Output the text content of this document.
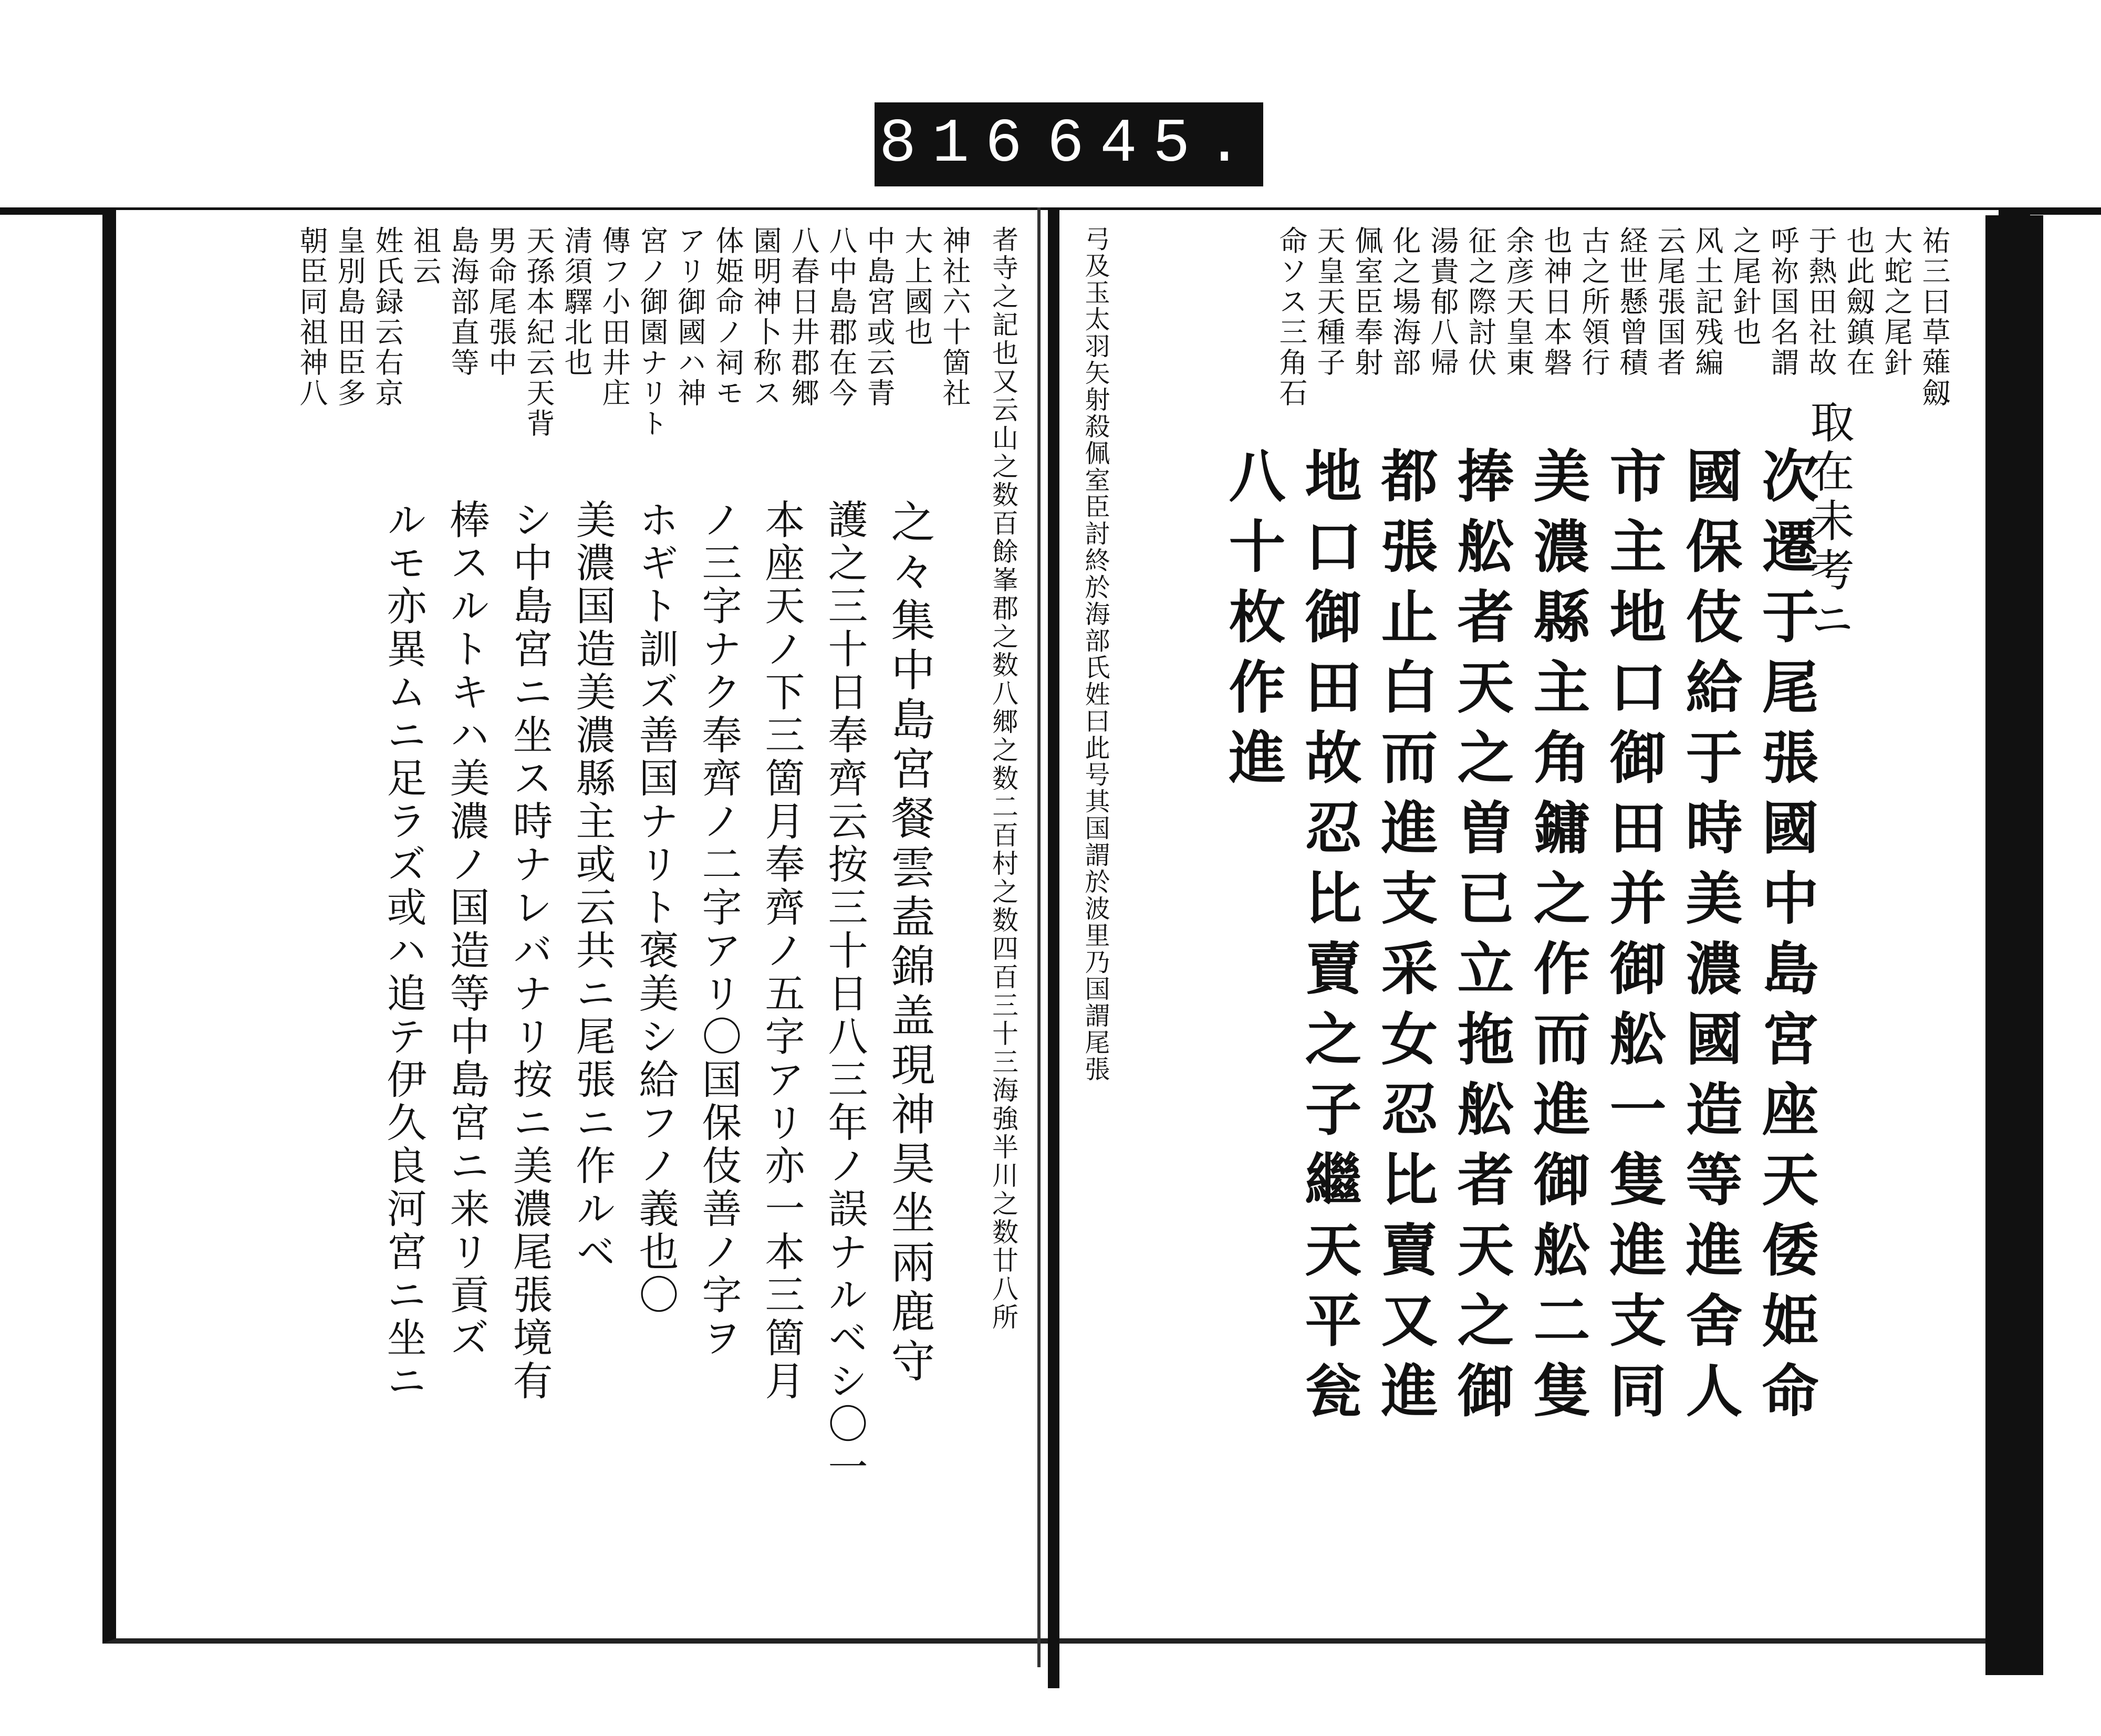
816 645.
祐三曰草薙劔
大蛇之尾針
也此劔鎮在
于熱田社故
呼祢国名謂
之尾針也
风土記残編
云尾張国者
経世懸曾積
古之所領行
也神日本磐
余彦天皇東
征之際討伏
湯貴郁八帰
化之場海部
佩室臣奉射
天皇天種子
命ソス三角石
弓及玉太羽矢射殺佩室臣討終於海部氏姓曰此号其国謂於波里乃国謂尾張	取在未考ニ
次遷于尾張國中島宮座天倭姫命
國保伎給于時美濃國造等進舍人
市主地口御田并御舩一隻進支同
美濃縣主角鏞之作而進御舩二隻
捧舩者天之曽已立拖舩者天之御
都張止白而進支采女忍比賣又進
地口御田故忍比賣之子繼天平瓮
八十枚作進
者寺之記也又云山之数百餘峯郡之数八郷之数二百村之数四百三十三海強半川之数廿八所
神社六十箇社
大上國也
中島宮或云青
八中島郡在今
八春日井郡郷
園明神卜称ス
体姫命ノ祠モ
アリ御國ハ神
宮ノ御園ナリト
傳フ小田井庄
清須驛北也
天孫本紀云天背
男命尾張中
島海部直等
祖云
姓氏録云右京
皇別島田臣多
朝臣同祖神八
之々集中島宮餐雲盍錦盖現神昊坐兩鹿守
護之三十日奉齊云按三十日八三年ノ誤ナルベシ〇一
本座天ノ下三箇月奉齊ノ五字アリ亦一本三箇月
ノ三字ナク奉齊ノ二字アリ〇国保伎善ノ字ヲ
ホギト訓ズ善国ナリト褒美シ給フノ義也〇
美濃国造美濃縣主或云共ニ尾張ニ作ルベ
シ中島宮ニ坐ス時ナレバナリ按ニ美濃尾張境有
棒スルトキハ美濃ノ国造等中島宮ニ来リ貢ズ
ルモ亦異ムニ足ラズ或ハ追テ伊久良河宮ニ坐ニ
